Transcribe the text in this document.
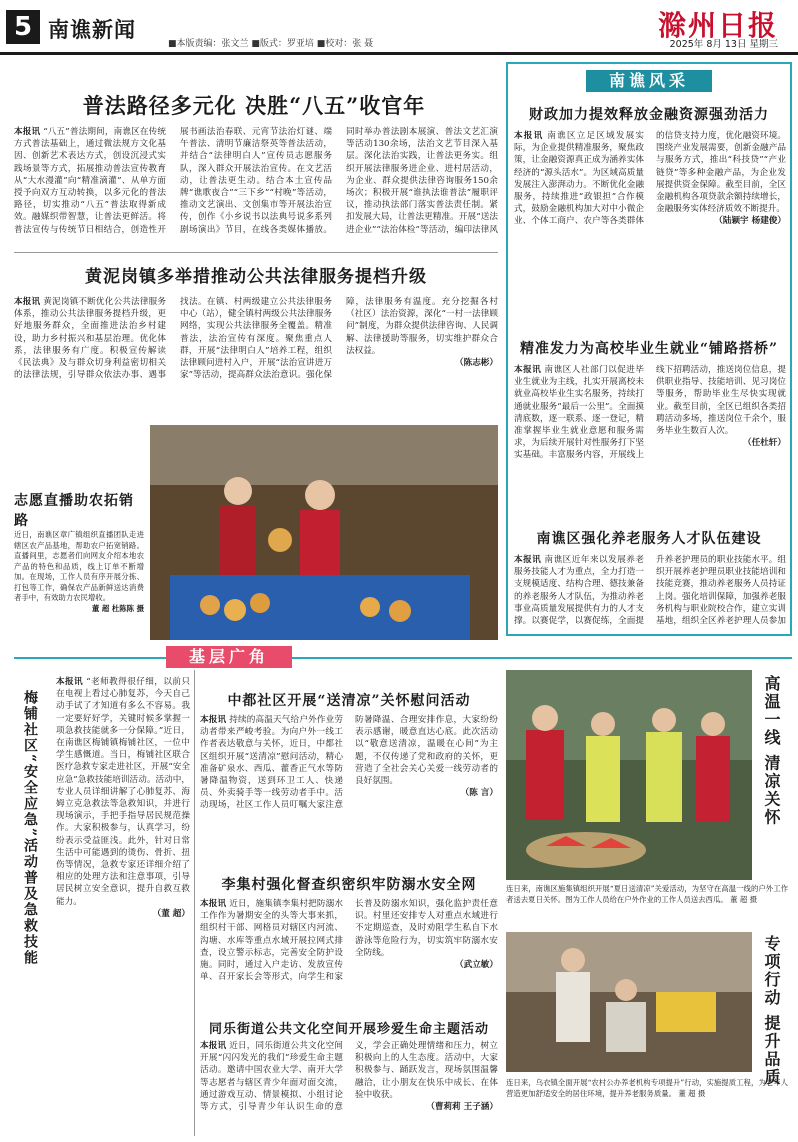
5 南谯新闻
■本版责编：张文兰 ■版式：罗亚培 ■校对：张 聂
滁州日报
2025年 8月 13日 星期三
普法路径多元化 决胜“八五”收官年
本报讯 “八五”普法期间，南谯区在传统方式普法基础上，通过微法规方文化基因、创新艺术表达方式，创设沉浸式实践场景等方式，拓展推动普法宣传教育从“大水漫灌”向“精准滴灌”、从单方面授予向双方互动转换，以多元化的普法路径，切实推动“八五”普法取得新成效。融媒织带智慧，让普法更鲜活。将普法宣传与传统节日相结合，创造性开展书画法治春联、元宵节法治灯谜、端午普法、清明节廉洁祭英等普法活动，并结合“法律明白人”宣传员志愿服务队，深入群众开展法治宣传。在文艺活动，让普法更生动。结合本土宣传品牌“谯歌夜合”“三下乡”“村晚”等活动，推动文艺演出、文创集市等开展法治宣传，创作《小乡说书以法典号说多系列剧场演出》节目，在线各类媒体播放。同时举办普法剧本展演、普法文艺汇演等活动130余场，法治文艺节目深入基层。深化法治实践，让普法更务实。组织开展法律服务进企业、进村居活动，为企业、群众提供法律咨询服务150余场次；积极开展“谁执法谁普法”履职评议，推动执法部门落实普法责任制。紧扣发展大局，让普法更精准。开展“送法进企业”“法治体检”等活动，编印法律风
黄泥岗镇多举措推动公共法律服务提档升级
本报讯 黄泥岗镇不断优化公共法律服务体系，推动公共法律服务提档升级，更好地服务群众，全面推进法治乡村建设，助力乡村振兴和基层治理。优化体系，法律服务有广度。积极宣传解读《民法典》及与群众切身利益密切相关的法律法规，引导群众依法办事、遇事找法。在镇、村两级建立公共法律服务中心（站），健全镇村两级公共法律服务网络，实现公共法律服务全覆盖。精准普法，法治宣传有深度。聚焦重点人群，开展“法律明白人”培养工程，组织法律顾问进村入户，开展“法治宣讲进万家”等活动，提高群众法治意识。强化保障，法律服务有温度。充分挖掘各村（社区）法治资源，深化“一村一法律顾问”制度，为群众提供法律咨询、人民调解、法律援助等服务，切实维护群众合法权益。
（陈志彬）
志愿直播助农拓销路
近日，南谯区章广镇组织直播团队走进辖区农产品基地，帮助农户拓宽销路。 直播间里，志愿者们向网友介绍本地农产品的特色和品质，线上订单不断增加。在现场，工作人员有序开展分拣、打包等工作，确保农产品新鲜送达消费者手中，有效助力农民增收。
董 超 杜陈陈 摄
南谯风采
财政加力提效释放金融资源强劲活力
本报讯 南谯区立足区域发展实际，为企业提供精准服务，聚焦政策，让金融资源真正成为涵养实体经济的“源头活水”。为区域高质量发展注入澎湃动力。不断优化金融服务，持续推进“政银担”合作模式，鼓励金融机构加大对中小微企业、个体工商户、农户等各类群体的信贷支持力度，优化融资环境。围绕产业发展需要，创新金融产品与服务方式，推出“科技贷”“产业链贷”等多种金融产品，为企业发展提供资金保障。截至目前，全区金融机构各项贷款余额持续增长，金融服务实体经济质效不断提升。
（陆颖宇 杨建俊）
精准发力为高校毕业生就业“铺路搭桥”
本报讯 南谯区人社部门以促进毕业生就业为主线，扎实开展离校未就业高校毕业生实名服务，持续打通就业服务“最后一公里”。全面摸清底数，逐一联系、逐一登记，精准掌握毕业生就业意愿和服务需求，为后续开展针对性服务打下坚实基础。丰富服务内容，开展线上线下招聘活动，推送岗位信息，提供职业指导、技能培训、见习岗位等服务，帮助毕业生尽快实现就业。截至目前，全区已组织各类招聘活动多场，推送岗位千余个，服务毕业生数百人次。
（任杜轩）
南谯区强化养老服务人才队伍建设
本报讯 南谯区近年来以发展养老服务技能人才为重点，全力打造一支规模适度、结构合理、德技兼备的养老服务人才队伍，为推动养老事业高质量发展提供有力的人才支撑。以赛促学，以赛促练，全面提升养老护理员的职业技能水平。组织开展养老护理员职业技能培训和技能竞赛，推动养老服务人员持证上岗。强化培训保障，加强养老服务机构与职业院校合作，建立实训基地，组织全区养老护理人员参加
基层广角
梅铺社区“安全应急”活动普及急救技能
本报讯 “老师教得很仔细，以前只在电视上看过心肺复苏，今天自己动手试了才知道有多么不容易。我一定要好好学，关键时候多掌握一项急救技能就多一分保障。”近日，在南谯区梅铺镇梅铺社区，一位中学生感慨道。当日，梅铺社区联合医疗急救专家走进社区，开展“安全应急”急救技能培训活动。活动中，专业人员详细讲解了心肺复苏、海姆立克急救法等急救知识，并进行现场演示，手把手指导居民规范操作。大家积极参与，认真学习，纷纷表示受益匪浅。此外，针对日常生活中可能遇到的烫伤、骨折、扭伤等情况，急救专家还详细介绍了相应的处理方法和注意事项，引导居民树立安全意识，提升自救互救能力。
（董 超）
中都社区开展“送清凉”关怀慰问活动
本报讯 持续的高温天气给户外作业劳动者带来严峻考验。为向户外一线工作者表达敬意与关怀，近日，中都社区组织开展“送清凉”慰问活动，精心准备矿泉水、西瓜、藿香正气水等防暑降温物资，送到环卫工人、快递员、外卖骑手等一线劳动者手中。活动现场，社区工作人员叮嘱大家注意防暑降温、合理安排作息，大家纷纷表示感谢，暖意直达心底。此次活动以“敬意送清凉，温暖在心间”为主题，不仅传递了党和政府的关怀，更营造了全社会关心关爱一线劳动者的良好氛围。
（陈 言）
李集村强化督查织密织牢防溺水安全网
本报讯 近日，施集镇李集村把防溺水工作作为暑期安全的头等大事来抓，组织村干部、网格员对辖区内河流、沟塘、水库等重点水域开展拉网式排查，设立警示标志，完善安全防护设施。同时，通过入户走访、发放宣传单、召开家长会等形式，向学生和家长普及防溺水知识，强化监护责任意识。村里还安排专人对重点水域进行不定期巡查，及时劝阻学生私自下水游泳等危险行为，切实筑牢防溺水安全防线。
（武立敏）
同乐街道公共文化空间开展珍爱生命主题活动
本报讯 近日，同乐街道公共文化空间开展“闪闪发光的我们”珍爱生命主题活动。邀请中国农业大学、南开大学等志愿者与辖区青少年面对面交流，通过游戏互动、情景模拟、小组讨论等方式，引导青少年认识生命的意义，学会正确处理情绪和压力，树立积极向上的人生态度。活动中，大家积极参与、踊跃发言，现场氛围温馨融洽，让小朋友在快乐中成长、在体验中收获。
（曹莉莉 王子涵）
高温一线 清凉关怀
连日来，南谯区施集镇组织开展“夏日送清凉”关爱活动，为坚守在高温一线的户外工作者送去夏日关怀。图为工作人员给在户外作业的工作人员送去西瓜。 董 超 摄
专项行动 提升品质
连日来，乌衣镇全面开展“农村公办养老机构专项提升”行动，实施提质工程，为老年人营造更加舒适安全的居住环境，提升养老服务质量。 董 超 摄
